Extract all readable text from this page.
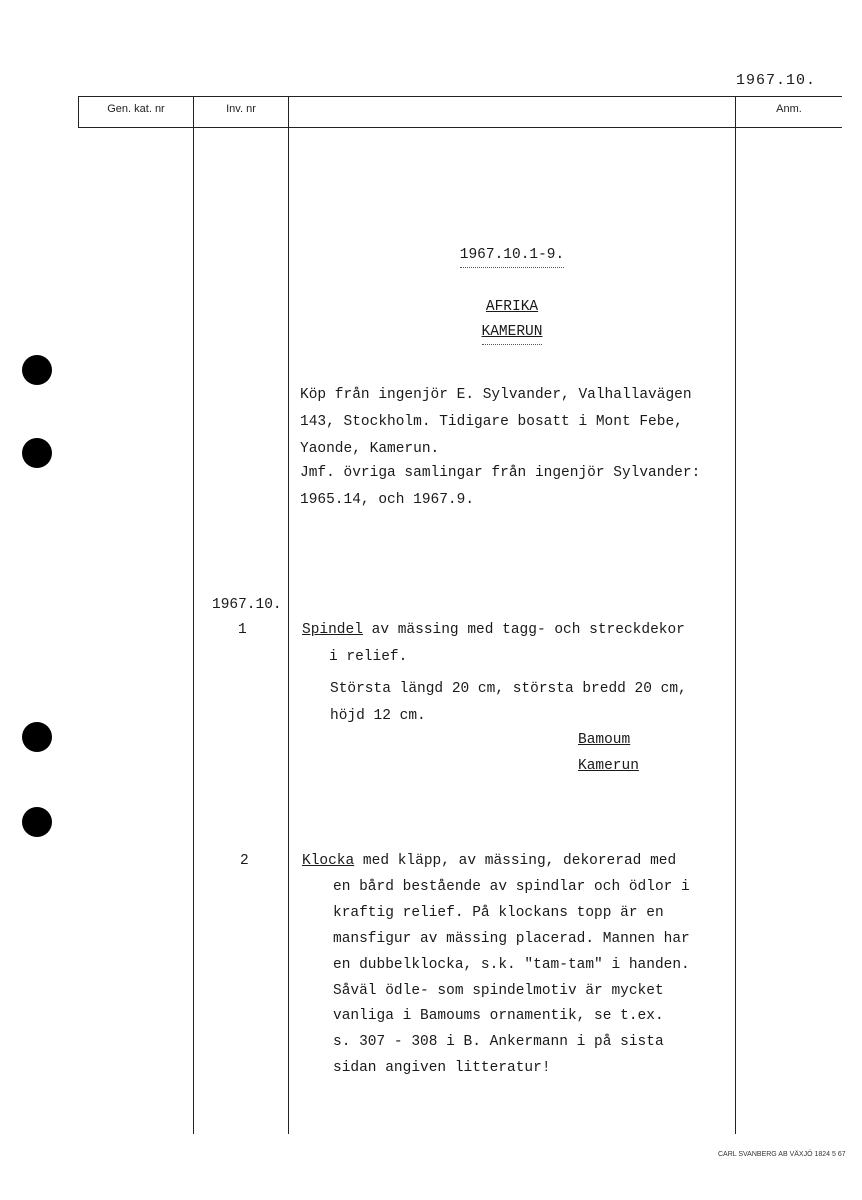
1967.10.
Gen. kat. nr	Inv. nr	Anm.
1967.10.1-9.
AFRIKA
KAMERUN
Köp från ingenjör E. Sylvander, Valhallavägen
143, Stockholm. Tidigare bosatt i Mont Febe,
Yaonde, Kamerun.
Jmf. övriga samlingar från ingenjör Sylvander:
1965.14, och 1967.9.
1967.10.
1	Spindel av mässing med tagg- och streckdekor
i relief.
Största längd 20 cm, största bredd 20 cm,
höjd 12 cm.
Bamoum
Kamerun
2	Klocka med kläpp, av mässing, dekorerad med
en bård bestående av spindlar och ödlor i
kraftig relief. På klockans topp är en
mansfigur av mässing placerad. Mannen har
en dubbelklocka, s.k. "tam-tam" i handen.
Såväl ödle- som spindelmotiv är mycket
vanliga i Bamoums ornamentik, se t.ex.
s. 307 - 308 i B. Ankermann i på sista
sidan angiven litteratur!
CARL SVANBERG AB VÄXJÖ 1824 5 67
